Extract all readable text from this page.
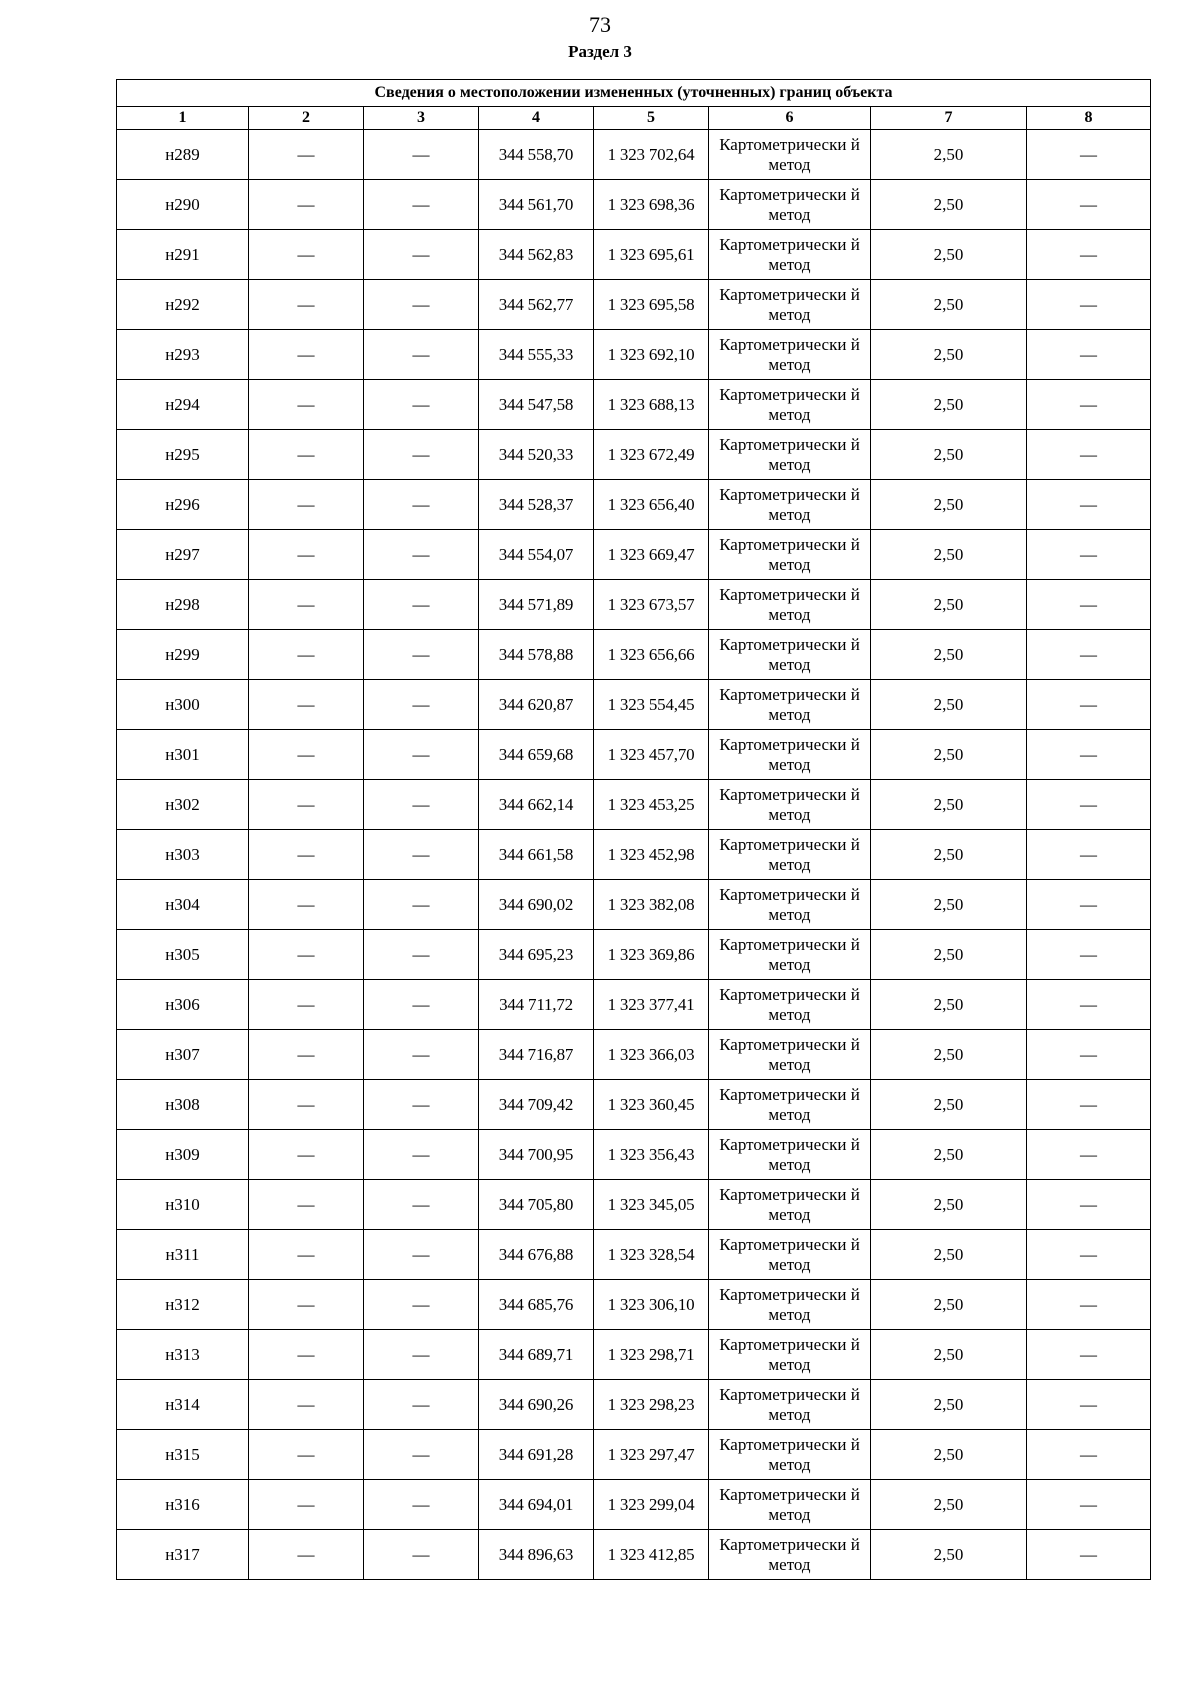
73
Раздел 3
Сведения о местоположении измененных (уточненных) границ объекта							
1	2	3	4	5	6	7	8
н289	—	—	344 558,70	1 323 702,64	Картометрически й метод	2,50	—
н290	—	—	344 561,70	1 323 698,36	Картометрически й метод	2,50	—
н291	—	—	344 562,83	1 323 695,61	Картометрически й метод	2,50	—
н292	—	—	344 562,77	1 323 695,58	Картометрически й метод	2,50	—
н293	—	—	344 555,33	1 323 692,10	Картометрически й метод	2,50	—
н294	—	—	344 547,58	1 323 688,13	Картометрически й метод	2,50	—
н295	—	—	344 520,33	1 323 672,49	Картометрически й метод	2,50	—
н296	—	—	344 528,37	1 323 656,40	Картометрически й метод	2,50	—
н297	—	—	344 554,07	1 323 669,47	Картометрически й метод	2,50	—
н298	—	—	344 571,89	1 323 673,57	Картометрически й метод	2,50	—
н299	—	—	344 578,88	1 323 656,66	Картометрически й метод	2,50	—
н300	—	—	344 620,87	1 323 554,45	Картометрически й метод	2,50	—
н301	—	—	344 659,68	1 323 457,70	Картометрически й метод	2,50	—
н302	—	—	344 662,14	1 323 453,25	Картометрически й метод	2,50	—
н303	—	—	344 661,58	1 323 452,98	Картометрически й метод	2,50	—
н304	—	—	344 690,02	1 323 382,08	Картометрически й метод	2,50	—
н305	—	—	344 695,23	1 323 369,86	Картометрически й метод	2,50	—
н306	—	—	344 711,72	1 323 377,41	Картометрически й метод	2,50	—
н307	—	—	344 716,87	1 323 366,03	Картометрически й метод	2,50	—
н308	—	—	344 709,42	1 323 360,45	Картометрически й метод	2,50	—
н309	—	—	344 700,95	1 323 356,43	Картометрически й метод	2,50	—
н310	—	—	344 705,80	1 323 345,05	Картометрически й метод	2,50	—
н311	—	—	344 676,88	1 323 328,54	Картометрически й метод	2,50	—
н312	—	—	344 685,76	1 323 306,10	Картометрически й метод	2,50	—
н313	—	—	344 689,71	1 323 298,71	Картометрически й метод	2,50	—
н314	—	—	344 690,26	1 323 298,23	Картометрически й метод	2,50	—
н315	—	—	344 691,28	1 323 297,47	Картометрически й метод	2,50	—
н316	—	—	344 694,01	1 323 299,04	Картометрически й метод	2,50	—
н317	—	—	344 896,63	1 323 412,85	Картометрически й метод	2,50	—
